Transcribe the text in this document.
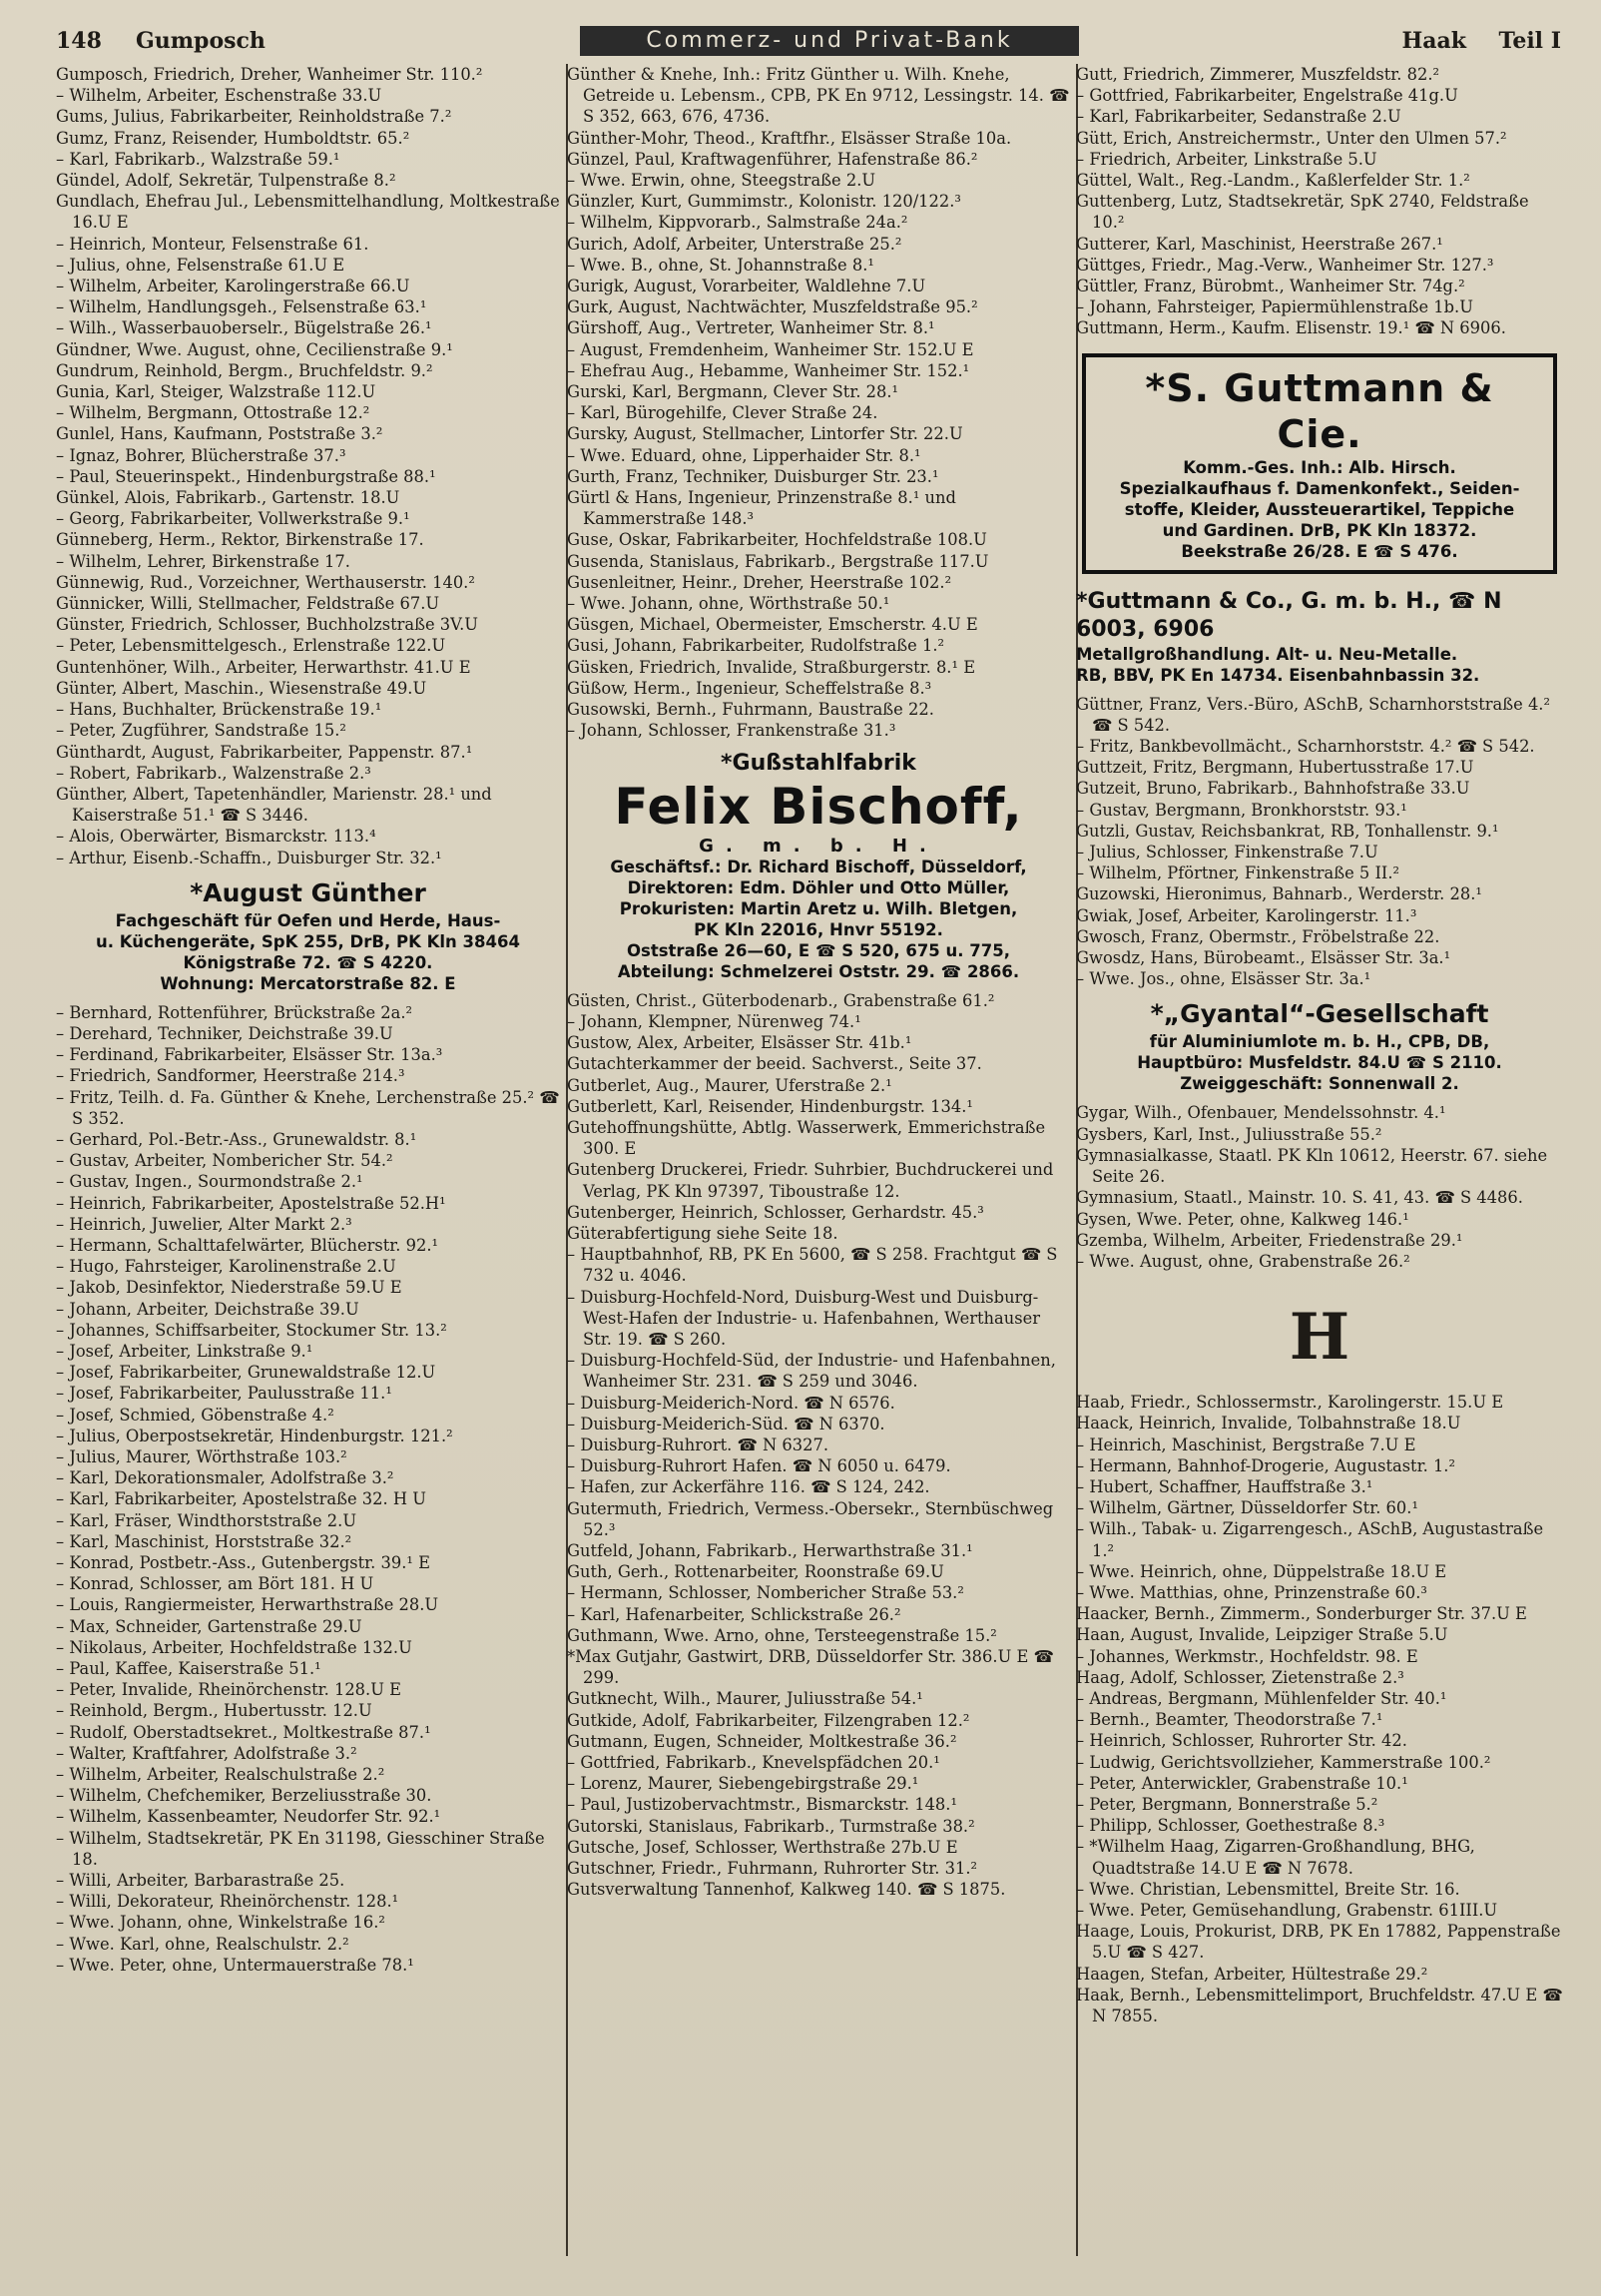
148 Gumposch	Commerz- und Privat-Bank	Haak Teil I
Gumposch, Friedrich, Dreher, Wanheimer Str. 110.²
– Wilhelm, Arbeiter, Eschenstraße 33.U
Gums, Julius, Fabrikarbeiter, Reinholdstraße 7.²
Gumz, Franz, Reisender, Humboldtstr. 65.²
– Karl, Fabrikarb., Walzstraße 59.¹
Gündel, Adolf, Sekretär, Tulpenstraße 8.²
Gundlach, Ehefrau Jul., Lebensmittelhandlung, Moltkestraße 16.U E
– Heinrich, Monteur, Felsenstraße 61.
– Julius, ohne, Felsenstraße 61.U E
– Wilhelm, Arbeiter, Karolingerstraße 66.U
– Wilhelm, Handlungsgeh., Felsenstraße 63.¹
– Wilh., Wasserbauoberselr., Bügelstraße 26.¹
Gündner, Wwe. August, ohne, Cecilienstraße 9.¹
Gundrum, Reinhold, Bergm., Bruchfeldstr. 9.²
Gunia, Karl, Steiger, Walzstraße 112.U
– Wilhelm, Bergmann, Ottostraße 12.²
Gunlel, Hans, Kaufmann, Poststraße 3.²
– Ignaz, Bohrer, Blücherstraße 37.³
– Paul, Steuerinspekt., Hindenburgstraße 88.¹
Günkel, Alois, Fabrikarb., Gartenstr. 18.U
– Georg, Fabrikarbeiter, Vollwerkstraße 9.¹
Günneberg, Herm., Rektor, Birkenstraße 17.
– Wilhelm, Lehrer, Birkenstraße 17.
Günnewig, Rud., Vorzeichner, Werthauserstr. 140.²
Günnicker, Willi, Stellmacher, Feldstraße 67.U
Günster, Friedrich, Schlosser, Buchholzstraße 3V.U
– Peter, Lebensmittelgesch., Erlenstraße 122.U
Guntenhöner, Wilh., Arbeiter, Herwarthstr. 41.U E
Günter, Albert, Maschin., Wiesenstraße 49.U
– Hans, Buchhalter, Brückenstraße 19.¹
– Peter, Zugführer, Sandstraße 15.²
Günthardt, August, Fabrikarbeiter, Pappenstr. 87.¹
– Robert, Fabrikarb., Walzenstraße 2.³
Günther, Albert, Tapetenhändler, Marienstr. 28.¹ und Kaiserstraße 51.¹ ☎ S 3446.
– Alois, Oberwärter, Bismarckstr. 113.⁴
– Arthur, Eisenb.-Schaffn., Duisburger Str. 32.¹
*August Günther
Fachgeschäft für Oefen und Herde, Haus-
u. Küchengeräte, SpK 255, DrB, PK Kln 38464
Königstraße 72. ☎ S 4220.
Wohnung: Mercatorstraße 82. E
– Bernhard, Rottenführer, Brückstraße 2a.²
– Derehard, Techniker, Deichstraße 39.U
– Ferdinand, Fabrikarbeiter, Elsässer Str. 13a.³
– Friedrich, Sandformer, Heerstraße 214.³
– Fritz, Teilh. d. Fa. Günther & Knehe, Lerchenstraße 25.² ☎ S 352.
– Gerhard, Pol.-Betr.-Ass., Grunewaldstr. 8.¹
– Gustav, Arbeiter, Nombericher Str. 54.²
– Gustav, Ingen., Sourmondstraße 2.¹
– Heinrich, Fabrikarbeiter, Apostelstraße 52.H¹
– Heinrich, Juwelier, Alter Markt 2.³
– Hermann, Schalttafelwärter, Blücherstr. 92.¹
– Hugo, Fahrsteiger, Karolinenstraße 2.U
– Jakob, Desinfektor, Niederstraße 59.U E
– Johann, Arbeiter, Deichstraße 39.U
– Johannes, Schiffsarbeiter, Stockumer Str. 13.²
– Josef, Arbeiter, Linkstraße 9.¹
– Josef, Fabrikarbeiter, Grunewaldstraße 12.U
– Josef, Fabrikarbeiter, Paulusstraße 11.¹
– Josef, Schmied, Göbenstraße 4.²
– Julius, Oberpostsekretär, Hindenburgstr. 121.²
– Julius, Maurer, Wörthstraße 103.²
– Karl, Dekorationsmaler, Adolfstraße 3.²
– Karl, Fabrikarbeiter, Apostelstraße 32. H U
– Karl, Fräser, Windthorststraße 2.U
– Karl, Maschinist, Horststraße 32.²
– Konrad, Postbetr.-Ass., Gutenbergstr. 39.¹ E
– Konrad, Schlosser, am Bört 181. H U
– Louis, Rangiermeister, Herwarthstraße 28.U
– Max, Schneider, Gartenstraße 29.U
– Nikolaus, Arbeiter, Hochfeldstraße 132.U
– Paul, Kaffee, Kaiserstraße 51.¹
– Peter, Invalide, Rheinörchenstr. 128.U E
– Reinhold, Bergm., Hubertusstr. 12.U
– Rudolf, Oberstadtsekret., Moltkestraße 87.¹
– Walter, Kraftfahrer, Adolfstraße 3.²
– Wilhelm, Arbeiter, Realschulstraße 2.²
– Wilhelm, Chefchemiker, Berzeliusstraße 30.
– Wilhelm, Kassenbeamter, Neudorfer Str. 92.¹
– Wilhelm, Stadtsekretär, PK En 31198, Giesschiner Straße 18.
– Willi, Arbeiter, Barbarastraße 25.
– Willi, Dekorateur, Rheinörchenstr. 128.¹
– Wwe. Johann, ohne, Winkelstraße 16.²
– Wwe. Karl, ohne, Realschulstr. 2.²
– Wwe. Peter, ohne, Untermauerstraße 78.¹
Günther & Knehe, Inh.: Fritz Günther u. Wilh. Knehe, Getreide u. Lebensm., CPB, PK En 9712, Lessingstr. 14. ☎ S 352, 663, 676, 4736.
Günther-Mohr, Theod., Kraftfhr., Elsässer Straße 10a.
Günzel, Paul, Kraftwagenführer, Hafenstraße 86.²
– Wwe. Erwin, ohne, Steegstraße 2.U
Günzler, Kurt, Gummimstr., Kolonistr. 120/122.³
– Wilhelm, Kippvorarb., Salmstraße 24a.²
Gurich, Adolf, Arbeiter, Unterstraße 25.²
– Wwe. B., ohne, St. Johannstraße 8.¹
Gurigk, August, Vorarbeiter, Waldlehne 7.U
Gurk, August, Nachtwächter, Muszfeldstraße 95.²
Gürshoff, Aug., Vertreter, Wanheimer Str. 8.¹
– August, Fremdenheim, Wanheimer Str. 152.U E
– Ehefrau Aug., Hebamme, Wanheimer Str. 152.¹
Gurski, Karl, Bergmann, Clever Str. 28.¹
– Karl, Bürogehilfe, Clever Straße 24.
Gursky, August, Stellmacher, Lintorfer Str. 22.U
– Wwe. Eduard, ohne, Lipperhaider Str. 8.¹
Gurth, Franz, Techniker, Duisburger Str. 23.¹
Gürtl & Hans, Ingenieur, Prinzenstraße 8.¹ und Kammerstraße 148.³
Guse, Oskar, Fabrikarbeiter, Hochfeldstraße 108.U
Gusenda, Stanislaus, Fabrikarb., Bergstraße 117.U
Gusenleitner, Heinr., Dreher, Heerstraße 102.²
– Wwe. Johann, ohne, Wörthstraße 50.¹
Güsgen, Michael, Obermeister, Emscherstr. 4.U E
Gusi, Johann, Fabrikarbeiter, Rudolfstraße 1.²
Güsken, Friedrich, Invalide, Straßburgerstr. 8.¹ E
Güßow, Herm., Ingenieur, Scheffelstraße 8.³
Gusowski, Bernh., Fuhrmann, Baustraße 22.
– Johann, Schlosser, Frankenstraße 31.³
*Gußstahlfabrik
Felix Bischoff,
G. m. b. H.
Geschäftsf.: Dr. Richard Bischoff, Düsseldorf,
Direktoren: Edm. Döhler und Otto Müller,
Prokuristen: Martin Aretz u. Wilh. Bletgen,
PK Kln 22016, Hnvr 55192.
Oststraße 26—60, E ☎ S 520, 675 u. 775,
Abteilung: Schmelzerei Oststr. 29. ☎ 2866.
Güsten, Christ., Güterbodenarb., Grabenstraße 61.²
– Johann, Klempner, Nürenweg 74.¹
Gustow, Alex, Arbeiter, Elsässer Str. 41b.¹
Gutachterkammer der beeid. Sachverst., Seite 37.
Gutberlet, Aug., Maurer, Uferstraße 2.¹
Gutberlett, Karl, Reisender, Hindenburgstr. 134.¹
Gutehoffnungshütte, Abtlg. Wasserwerk, Emmerichstraße 300. E
Gutenberg Druckerei, Friedr. Suhrbier, Buchdruckerei und Verlag, PK Kln 97397, Tiboustraße 12.
Gutenberger, Heinrich, Schlosser, Gerhardstr. 45.³
Güterabfertigung siehe Seite 18.
– Hauptbahnhof, RB, PK En 5600, ☎ S 258. Frachtgut ☎ S 732 u. 4046.
– Duisburg-Hochfeld-Nord, Duisburg-West und Duisburg-West-Hafen der Industrie- u. Hafenbahnen, Werthauser Str. 19. ☎ S 260.
– Duisburg-Hochfeld-Süd, der Industrie- und Hafenbahnen, Wanheimer Str. 231. ☎ S 259 und 3046.
– Duisburg-Meiderich-Nord. ☎ N 6576.
– Duisburg-Meiderich-Süd. ☎ N 6370.
– Duisburg-Ruhrort. ☎ N 6327.
– Duisburg-Ruhrort Hafen. ☎ N 6050 u. 6479.
– Hafen, zur Ackerfähre 116. ☎ S 124, 242.
Gutermuth, Friedrich, Vermess.-Obersekr., Sternbüschweg 52.³
Gutfeld, Johann, Fabrikarb., Herwarthstraße 31.¹
Guth, Gerh., Rottenarbeiter, Roonstraße 69.U
– Hermann, Schlosser, Nombericher Straße 53.²
– Karl, Hafenarbeiter, Schlickstraße 26.²
Guthmann, Wwe. Arno, ohne, Tersteegenstraße 15.²
*Max Gutjahr, Gastwirt, DRB, Düsseldorfer Str. 386.U E ☎ 299.
Gutknecht, Wilh., Maurer, Juliusstraße 54.¹
Gutkide, Adolf, Fabrikarbeiter, Filzengraben 12.²
Gutmann, Eugen, Schneider, Moltkestraße 36.²
– Gottfried, Fabrikarb., Knevelspfädchen 20.¹
– Lorenz, Maurer, Siebengebirgstraße 29.¹
– Paul, Justizobervachtmstr., Bismarckstr. 148.¹
Gutorski, Stanislaus, Fabrikarb., Turmstraße 38.²
Gutsche, Josef, Schlosser, Werthstraße 27b.U E
Gutschner, Friedr., Fuhrmann, Ruhrorter Str. 31.²
Gutsverwaltung Tannenhof, Kalkweg 140. ☎ S 1875.
Gutt, Friedrich, Zimmerer, Muszfeldstr. 82.²
– Gottfried, Fabrikarbeiter, Engelstraße 41g.U
– Karl, Fabrikarbeiter, Sedanstraße 2.U
Gütt, Erich, Anstreichermstr., Unter den Ulmen 57.²
– Friedrich, Arbeiter, Linkstraße 5.U
Güttel, Walt., Reg.-Landm., Kaßlerfelder Str. 1.²
Guttenberg, Lutz, Stadtsekretär, SpK 2740, Feldstraße 10.²
Gutterer, Karl, Maschinist, Heerstraße 267.¹
Güttges, Friedr., Mag.-Verw., Wanheimer Str. 127.³
Güttler, Franz, Bürobmt., Wanheimer Str. 74g.²
– Johann, Fahrsteiger, Papiermühlenstraße 1b.U
Guttmann, Herm., Kaufm. Elisenstr. 19.¹ ☎ N 6906.
*S. Guttmann & Cie.
Komm.-Ges. Inh.: Alb. Hirsch.
Spezialkaufhaus f. Damenkonfekt., Seiden-
stoffe, Kleider, Aussteuerartikel, Teppiche
und Gardinen. DrB, PK Kln 18372.
Beekstraße 26/28. E ☎ S 476.
*Guttmann & Co., G. m. b. H., ☎ N 6003, 6906
Metallgroßhandlung. Alt- u. Neu-Metalle.
RB, BBV, PK En 14734. Eisenbahnbassin 32.
Güttner, Franz, Vers.-Büro, ASchB, Scharnhorststraße 4.² ☎ S 542.
– Fritz, Bankbevollmächt., Scharnhorststr. 4.² ☎ S 542.
Guttzeit, Fritz, Bergmann, Hubertusstraße 17.U
Gutzeit, Bruno, Fabrikarb., Bahnhofstraße 33.U
– Gustav, Bergmann, Bronkhorststr. 93.¹
Gutzli, Gustav, Reichsbankrat, RB, Tonhallenstr. 9.¹
– Julius, Schlosser, Finkenstraße 7.U
– Wilhelm, Pförtner, Finkenstraße 5 II.²
Guzowski, Hieronimus, Bahnarb., Werderstr. 28.¹
Gwiak, Josef, Arbeiter, Karolingerstr. 11.³
Gwosch, Franz, Obermstr., Fröbelstraße 22.
Gwosdz, Hans, Bürobeamt., Elsässer Str. 3a.¹
– Wwe. Jos., ohne, Elsässer Str. 3a.¹
*„Gyantal“-Gesellschaft
für Aluminiumlote m. b. H., CPB, DB,
Hauptbüro: Musfeldstr. 84.U ☎ S 2110.
Zweiggeschäft: Sonnenwall 2.
Gygar, Wilh., Ofenbauer, Mendelssohnstr. 4.¹
Gysbers, Karl, Inst., Juliusstraße 55.²
Gymnasialkasse, Staatl. PK Kln 10612, Heerstr. 67. siehe Seite 26.
Gymnasium, Staatl., Mainstr. 10. S. 41, 43. ☎ S 4486.
Gysen, Wwe. Peter, ohne, Kalkweg 146.¹
Gzemba, Wilhelm, Arbeiter, Friedenstraße 29.¹
– Wwe. August, ohne, Grabenstraße 26.²
H
Haab, Friedr., Schlossermstr., Karolingerstr. 15.U E
Haack, Heinrich, Invalide, Tolbahnstraße 18.U
– Heinrich, Maschinist, Bergstraße 7.U E
– Hermann, Bahnhof-Drogerie, Augustastr. 1.²
– Hubert, Schaffner, Hauffstraße 3.¹
– Wilhelm, Gärtner, Düsseldorfer Str. 60.¹
– Wilh., Tabak- u. Zigarrengesch., ASchB, Augustastraße 1.²
– Wwe. Heinrich, ohne, Düppelstraße 18.U E
– Wwe. Matthias, ohne, Prinzenstraße 60.³
Haacker, Bernh., Zimmerm., Sonderburger Str. 37.U E
Haan, August, Invalide, Leipziger Straße 5.U
– Johannes, Werkmstr., Hochfeldstr. 98. E
Haag, Adolf, Schlosser, Zietenstraße 2.³
– Andreas, Bergmann, Mühlenfelder Str. 40.¹
– Bernh., Beamter, Theodorstraße 7.¹
– Heinrich, Schlosser, Ruhrorter Str. 42.
– Ludwig, Gerichtsvollzieher, Kammerstraße 100.²
– Peter, Anterwickler, Grabenstraße 10.¹
– Peter, Bergmann, Bonnerstraße 5.²
– Philipp, Schlosser, Goethestraße 8.³
– *Wilhelm Haag, Zigarren-Großhandlung, BHG, Quadtstraße 14.U E ☎ N 7678.
– Wwe. Christian, Lebensmittel, Breite Str. 16.
– Wwe. Peter, Gemüsehandlung, Grabenstr. 61III.U
Haage, Louis, Prokurist, DRB, PK En 17882, Pappenstraße 5.U ☎ S 427.
Haagen, Stefan, Arbeiter, Hültestraße 29.²
Haak, Bernh., Lebensmittelimport, Bruchfeldstr. 47.U E ☎ N 7855.
